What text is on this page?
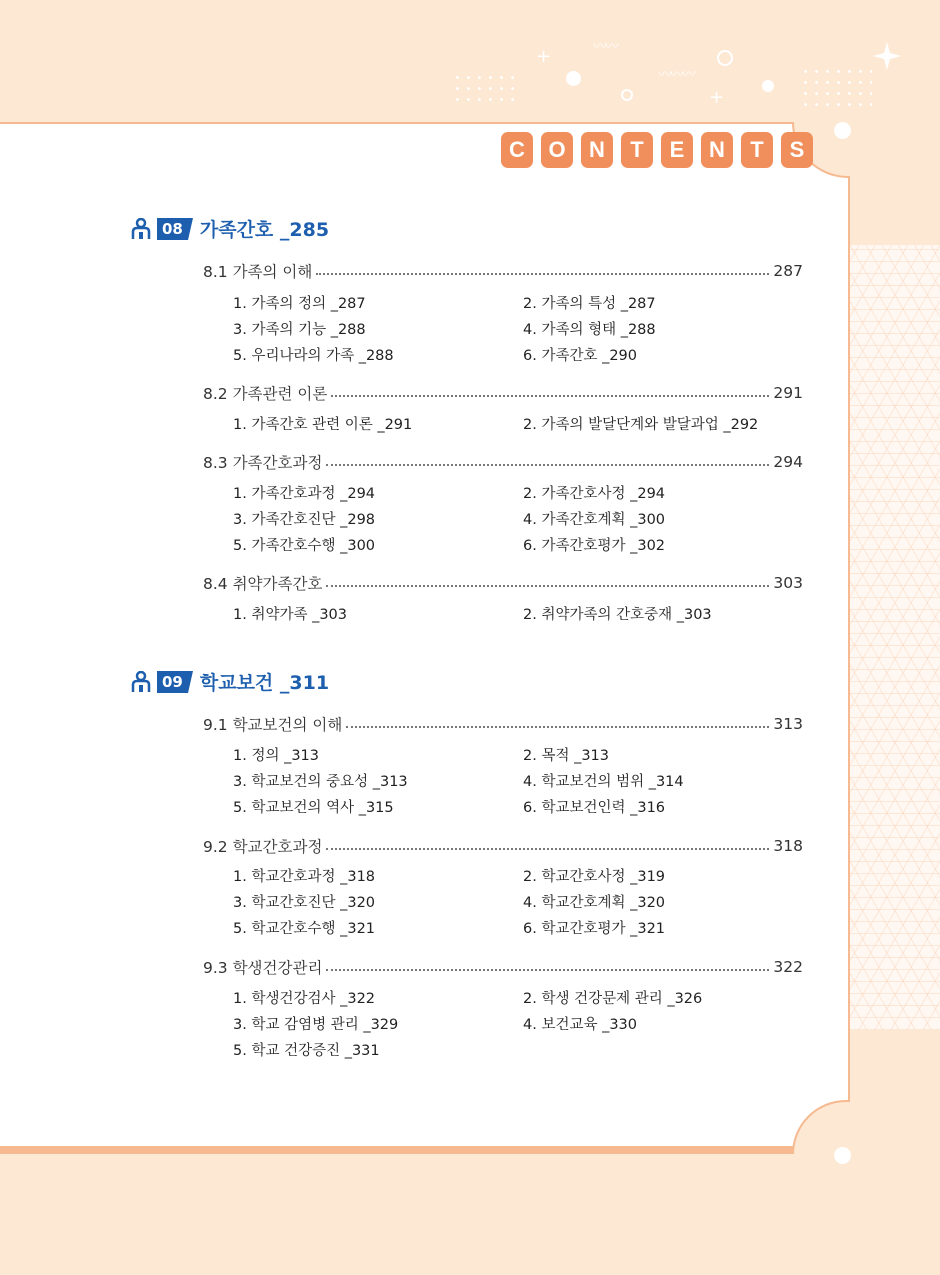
+
+
〰〰
〰〰〰
C	O	N	T	E	N	T	S
08 가족간호 _285
8.1 가족의 이해	287
1. 가족의 정의 _287	2. 가족의 특성 _287
3. 가족의 기능 _288	4. 가족의 형태 _288
5. 우리나라의 가족 _288	6. 가족간호 _290
8.2 가족관련 이론	291
1. 가족간호 관련 이론 _291	2. 가족의 발달단계와 발달과업 _292
8.3 가족간호과정	294
1. 가족간호과정 _294	2. 가족간호사정 _294
3. 가족간호진단 _298	4. 가족간호계획 _300
5. 가족간호수행 _300	6. 가족간호평가 _302
8.4 취약가족간호	303
1. 취약가족 _303	2. 취약가족의 간호중재 _303
09 학교보건 _311
9.1 학교보건의 이해	313
1. 정의 _313	2. 목적 _313
3. 학교보건의 중요성 _313	4. 학교보건의 범위 _314
5. 학교보건의 역사 _315	6. 학교보건인력 _316
9.2 학교간호과정	318
1. 학교간호과정 _318	2. 학교간호사정 _319
3. 학교간호진단 _320	4. 학교간호계획 _320
5. 학교간호수행 _321	6. 학교간호평가 _321
9.3 학생건강관리	322
1. 학생건강검사 _322	2. 학생 건강문제 관리 _326
3. 학교 감염병 관리 _329	4. 보건교육 _330
5. 학교 건강증진 _331
